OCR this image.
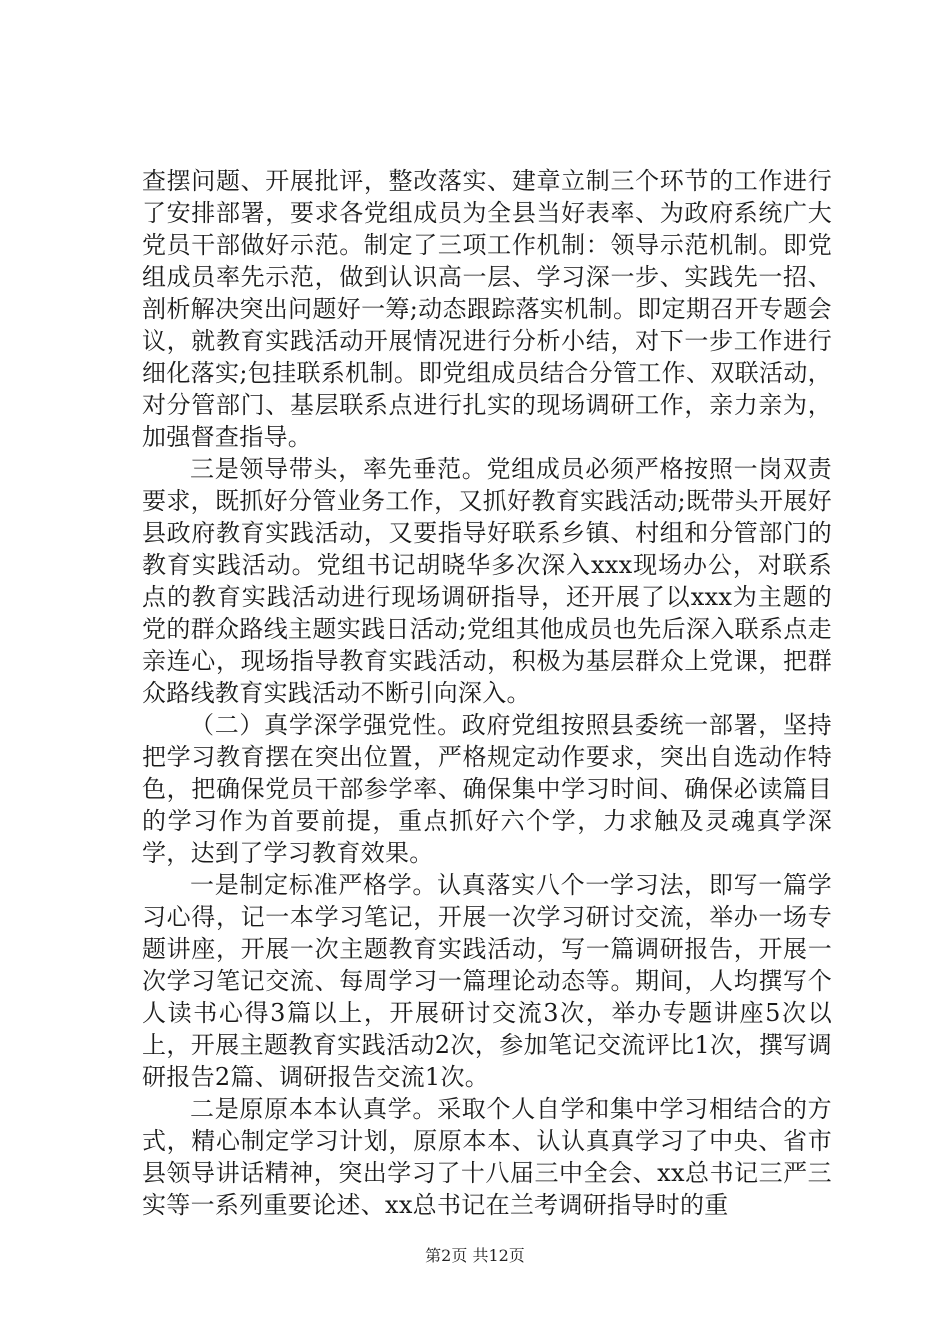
查摆问题、开展批评，整改落实、建章立制三个环节的工作进行了安排部署，要求各党组成员为全县当好表率、为政府系统广大党员干部做好示范。制定了三项工作机制：领导示范机制。即党组成员率先示范，做到认识高一层、学习深一步、实践先一招、剖析解决突出问题好一筹;动态跟踪落实机制。即定期召开专题会议，就教育实践活动开展情况进行分析小结，对下一步工作进行细化落实;包挂联系机制。即党组成员结合分管工作、双联活动，对分管部门、基层联系点进行扎实的现场调研工作，亲力亲为，加强督查指导。

三是领导带头，率先垂范。党组成员必须严格按照一岗双责要求，既抓好分管业务工作，又抓好教育实践活动;既带头开展好县政府教育实践活动，又要指导好联系乡镇、村组和分管部门的教育实践活动。党组书记胡晓华多次深入xxx现场办公，对联系点的教育实践活动进行现场调研指导，还开展了以xxx为主题的党的群众路线主题实践日活动;党组其他成员也先后深入联系点走亲连心，现场指导教育实践活动，积极为基层群众上党课，把群众路线教育实践活动不断引向深入。

（二）真学深学强党性。政府党组按照县委统一部署，坚持把学习教育摆在突出位置，严格规定动作要求，突出自选动作特色，把确保党员干部参学率、确保集中学习时间、确保必读篇目的学习作为首要前提，重点抓好六个学，力求触及灵魂真学深学，达到了学习教育效果。

一是制定标准严格学。认真落实八个一学习法，即写一篇学习心得，记一本学习笔记，开展一次学习研讨交流，举办一场专题讲座，开展一次主题教育实践活动，写一篇调研报告，开展一次学习笔记交流、每周学习一篇理论动态等。期间，人均撰写个人读书心得3篇以上，开展研讨交流3次，举办专题讲座5次以上，开展主题教育实践活动2次，参加笔记交流评比1次，撰写调研报告2篇、调研报告交流1次。

二是原原本本认真学。采取个人自学和集中学习相结合的方式，精心制定学习计划，原原本本、认认真真学习了中央、省市县领导讲话精神，突出学习了十八届三中全会、xx总书记三严三实等一系列重要论述、xx总书记在兰考调研指导时的重

第2页 共12页
